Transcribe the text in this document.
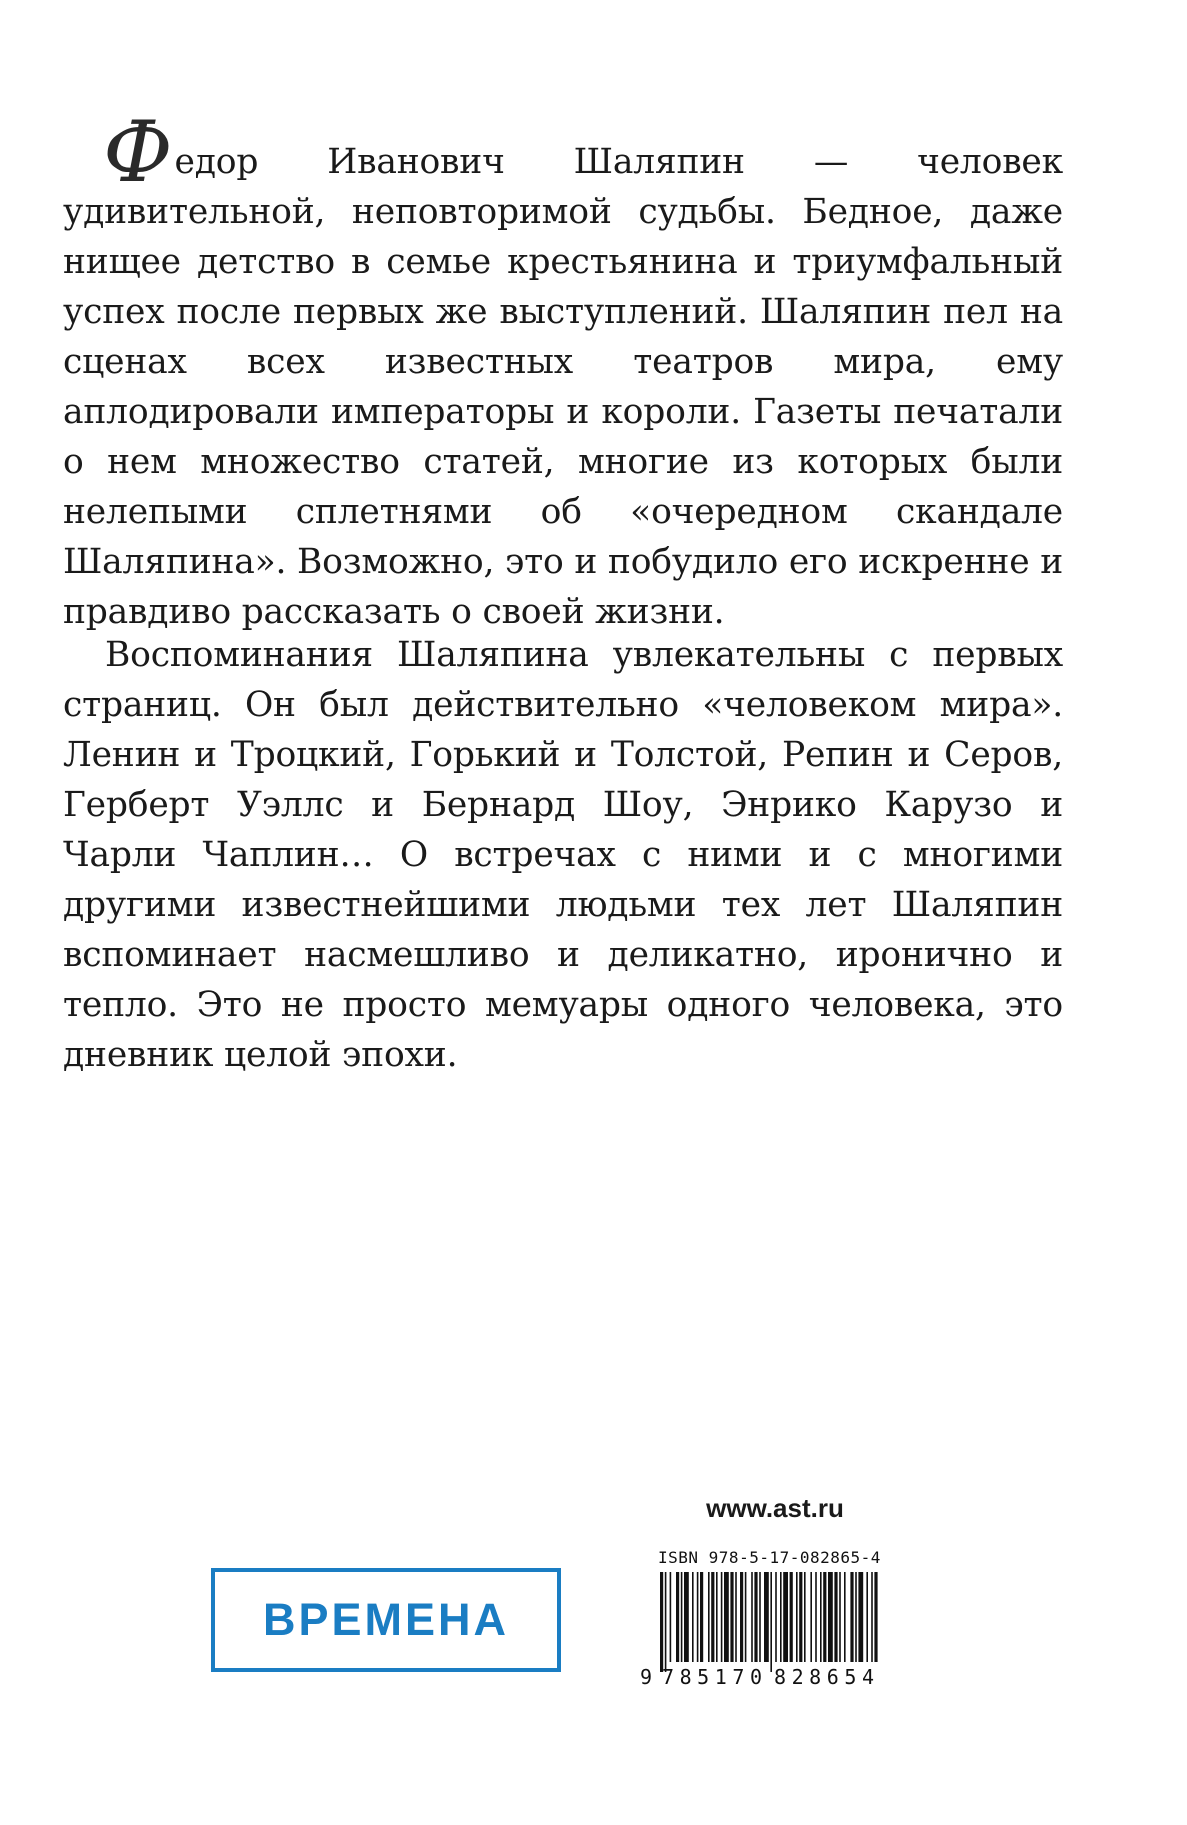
Федор Иванович Шаляпин — человек удивительной, неповторимой судьбы. Бедное, даже нищее детство в семье крестьянина и триумфальный успех после первых же выступлений. Шаляпин пел на сценах всех известных театров мира, ему аплодировали императоры и короли. Газеты печатали о нем множество статей, многие из которых были нелепыми сплетнями об «очередном скандале Шаляпина». Возможно, это и побудило его искренне и правдиво рассказать о своей жизни.
Воспоминания Шаляпина увлекательны с первых страниц. Он был действительно «человеком мира». Ленин и Троцкий, Горький и Толстой, Репин и Серов, Герберт Уэллс и Бернард Шоу, Энрико Карузо и Чарли Чаплин… О встречах с ними и с многими другими известнейшими людьми тех лет Шаляпин вспоминает насмешливо и деликатно, иронично и тепло. Это не просто мемуары одного человека, это дневник целой эпохи.
www.ast.ru
ВРЕМЕНА
ISBN 978-5-17-082865-4
9 785170 828654
